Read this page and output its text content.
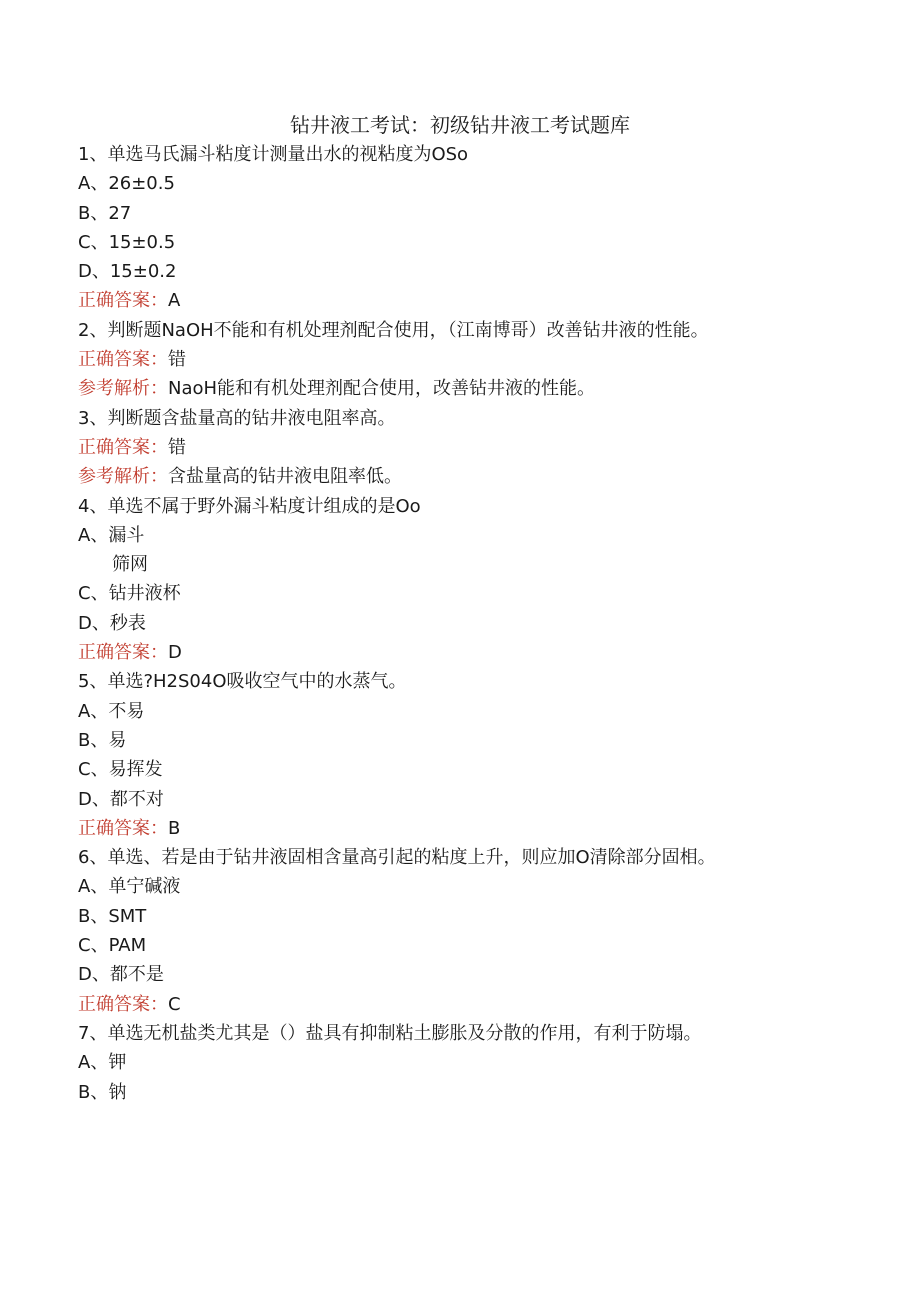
钻井液工考试：初级钻井液工考试题库
1、单选马氏漏斗粘度计测量出水的视粘度为OSo
A、26±0.5
B、27
C、15±0.5
D、15±0.2
正确答案：A
2、判断题NaOH不能和有机处理剂配合使用，（江南博哥）改善钻井液的性能。
正确答案：错
参考解析：NaoH能和有机处理剂配合使用，改善钻井液的性能。
3、判断题含盐量高的钻井液电阻率高。
正确答案：错
参考解析：含盐量高的钻井液电阻率低。
4、单选不属于野外漏斗粘度计组成的是Oo
A、漏斗
筛网
C、钻井液杯
D、秒表
正确答案：D
5、单选?H2S04O吸收空气中的水蒸气。
A、不易
B、易
C、易挥发
D、都不对
正确答案：B
6、单选、若是由于钻井液固相含量高引起的粘度上升，则应加O清除部分固相。
A、单宁碱液
B、SMT
C、PAM
D、都不是
正确答案：C
7、单选无机盐类尤其是（）盐具有抑制粘土膨胀及分散的作用，有利于防塌。
A、钾
B、钠
